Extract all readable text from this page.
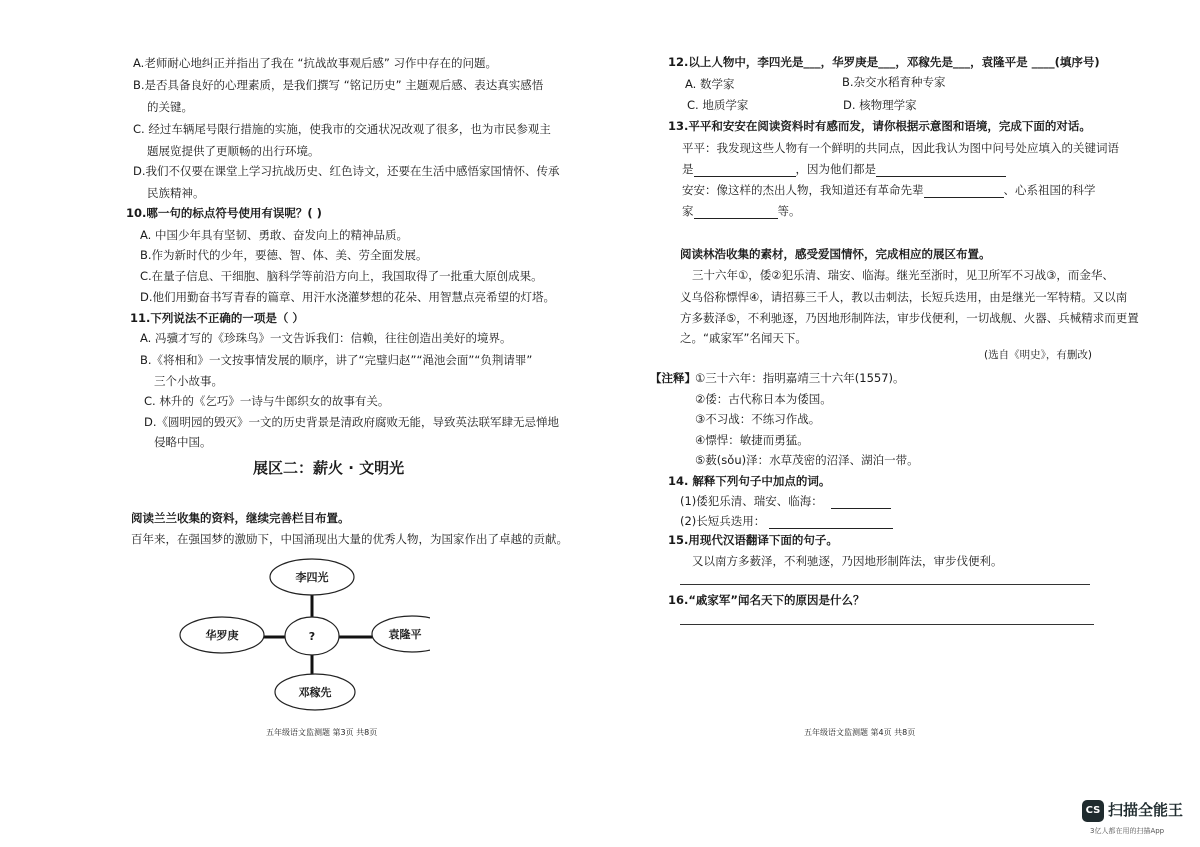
A.老师耐心地纠正并指出了我在 “抗战故事观后感” 习作中存在的问题。
B.是否具备良好的心理素质，是我们撰写 “铭记历史” 主题观后感、表达真实感悟
的关键。
C. 经过车辆尾号限行措施的实施，使我市的交通状况改观了很多，也为市民参观主
题展览提供了更顺畅的出行环境。
D.我们不仅要在课堂上学习抗战历史、红色诗文，还要在生活中感悟家国情怀、传承
民族精神。
10.哪一句的标点符号使用有误呢？( )
A. 中国少年具有坚韧、勇敢、奋发向上的精神品质。
B.作为新时代的少年，要德、智、体、美、劳全面发展。
C.在量子信息、干细胞、脑科学等前沿方向上，我国取得了一批重大原创成果。
D.他们用勤奋书写青春的篇章、用汗水浇灌梦想的花朵、用智慧点亮希望的灯塔。
11.下列说法不正确的一项是（ ）
A. 冯骥才写的《珍珠鸟》一文告诉我们：信赖，往往创造出美好的境界。
B.《将相和》一文按事情发展的顺序，讲了“完璧归赵”“渑池会面”“负荆请罪”
三个小故事。
C. 林升的《乞巧》一诗与牛郎织女的故事有关。
D.《圆明园的毁灭》一文的历史背景是清政府腐败无能，导致英法联军肆无忌惮地
侵略中国。
展区二：薪火 · 文明光
阅读兰兰收集的资料，继续完善栏目布置。
百年来，在强国梦的激励下，中国涌现出大量的优秀人物，为国家作出了卓越的贡献。
李四光
华罗庚	?	袁隆平
邓稼先
五年级语文监测题 第3页 共8页
12.以上人物中，李四光是___，华罗庚是___，邓稼先是___，袁隆平是 ____(填序号)
A. 数学家	B.杂交水稻育种专家
C. 地质学家	D. 核物理学家
13.平平和安安在阅读资料时有感而发，请你根据示意图和语境，完成下面的对话。
平平：我发现这些人物有一个鲜明的共同点，因此我认为图中问号处应填入的关键词语
是	，因为他们都是
安安：像这样的杰出人物，我知道还有革命先辈	、心系祖国的科学
家	等。
阅读林浩收集的素材，感受爱国情怀，完成相应的展区布置。
三十六年①，倭②犯乐清、瑞安、临海。继光至浙时，见卫所军不习战③，而金华、
义乌俗称慓悍④，请招募三千人，教以击刺法，长短兵迭用，由是继光一军特精。又以南
方多薮泽⑤，不利驰逐，乃因地形制阵法，审步伐便利，一切战舰、火器、兵械精求而更置
之。“戚家军”名闻天下。
(选自《明史》，有删改)
【注释】 ①三十六年：指明嘉靖三十六年(1557)。
②倭：古代称日本为倭国。
③不习战：不练习作战。
④慓悍：敏捷而勇猛。
⑤薮(sǒu)泽：水草茂密的沼泽、湖泊一带。
14. 解释下列句子中加点的词。
(1)倭犯乐清、瑞安、临海：
(2)长短兵迭用：
15.用现代汉语翻译下面的句子。
又以南方多薮泽，不利驰逐，乃因地形制阵法，审步伐便利。
16.“戚家军”闻名天下的原因是什么？
五年级语文监测题 第4页 共8页
CS 扫描全能王
3亿人都在用的扫描App
